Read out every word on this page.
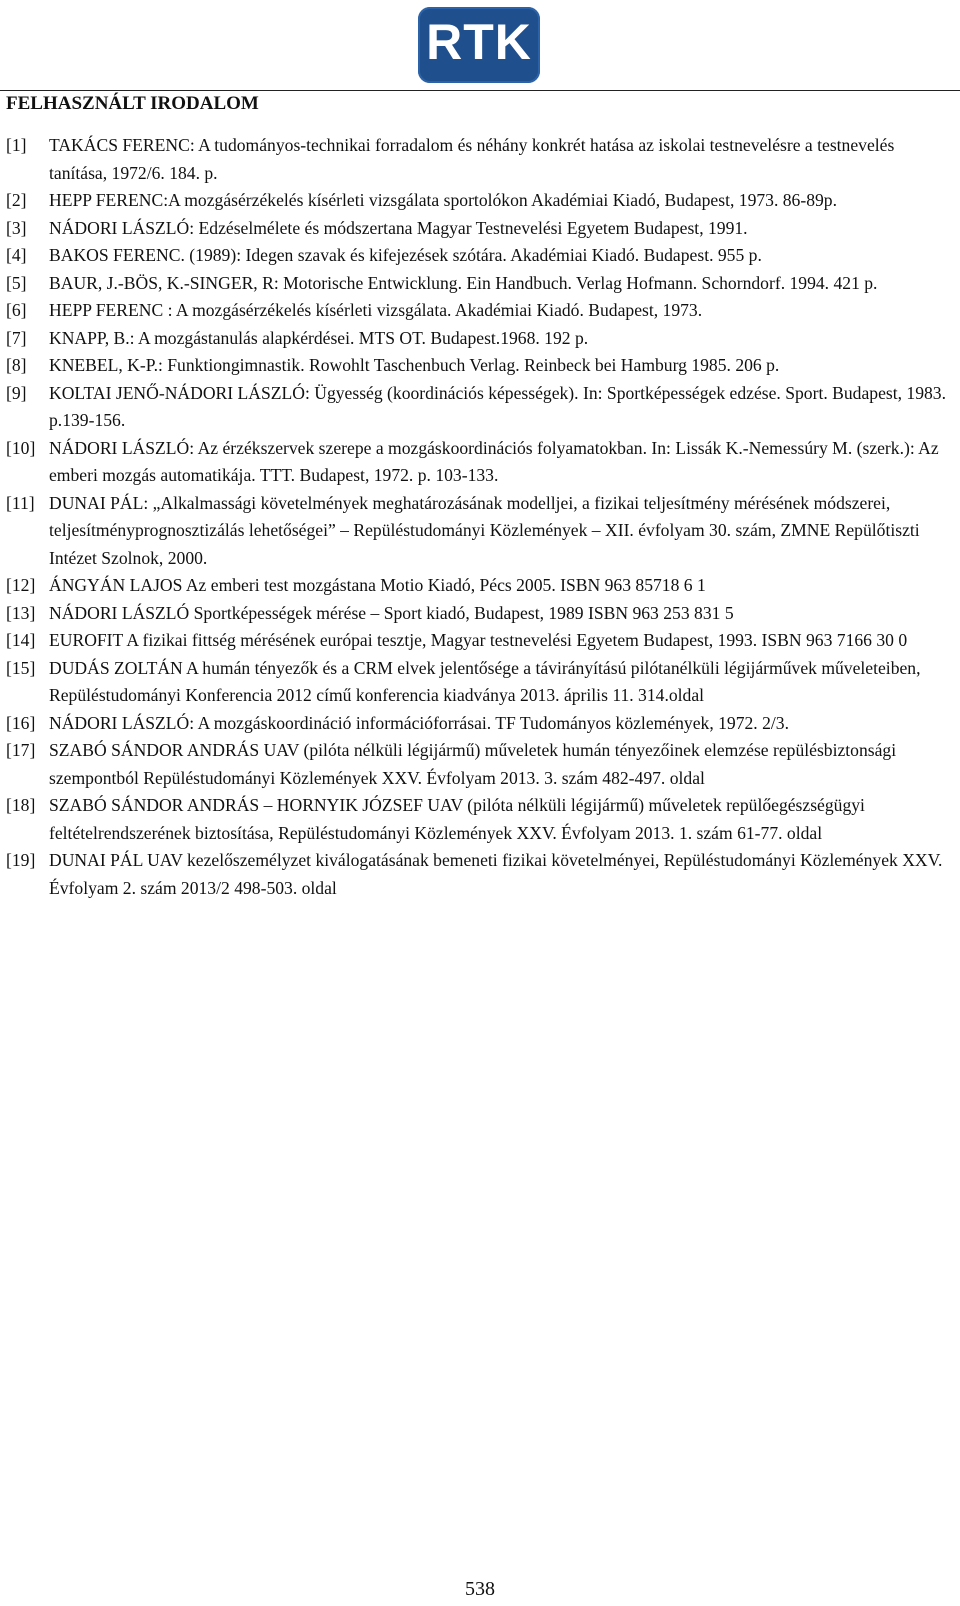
RTK
FELHASZNÁLT IRODALOM
[1] TAKÁCS FERENC: A tudományos-technikai forradalom és néhány konkrét hatása az iskolai testnevelésre a testnevelés tanítása, 1972/6. 184. p.
[2] HEPP FERENC:A mozgásérzékelés kísérleti vizsgálata sportolókon Akadémiai Kiadó, Budapest, 1973. 86-89p.
[3] NÁDORI LÁSZLÓ: Edzéselmélete és módszertana Magyar Testnevelési Egyetem Budapest, 1991.
[4] BAKOS FERENC. (1989): Idegen szavak és kifejezések szótára. Akadémiai Kiadó. Budapest. 955 p.
[5] BAUR, J.-BÖS, K.-SINGER, R: Motorische Entwicklung. Ein Handbuch. Verlag Hofmann. Schorndorf. 1994. 421 p.
[6] HEPP FERENC : A mozgásérzékelés kísérleti vizsgálata. Akadémiai Kiadó. Budapest, 1973.
[7] KNAPP, B.: A mozgástanulás alapkérdései. MTS OT. Budapest.1968. 192 p.
[8] KNEBEL, K-P.: Funktiongimnastik. Rowohlt Taschenbuch Verlag. Reinbeck bei Hamburg 1985. 206 p.
[9] KOLTAI JENŐ-NÁDORI LÁSZLÓ: Ügyesség (koordinációs képességek). In: Sportképességek edzése. Sport. Budapest, 1983. p.139-156.
[10] NÁDORI LÁSZLÓ: Az érzékszervek szerepe a mozgáskoordinációs folyamatokban. In: Lissák K.-Nemessúry M. (szerk.): Az emberi mozgás automatikája. TTT. Budapest, 1972. p. 103-133.
[11] DUNAI PÁL: „Alkalmassági követelmények meghatározásának modelljei, a fizikai teljesítmény mérésének módszerei, teljesítményprognosztizálás lehetőségei” – Repüléstudományi Közlemények – XII. évfolyam 30. szám, ZMNE Repülőtiszti Intézet Szolnok, 2000.
[12] ÁNGYÁN LAJOS Az emberi test mozgástana Motio Kiadó, Pécs 2005. ISBN 963 85718 6 1
[13] NÁDORI LÁSZLÓ Sportképességek mérése – Sport kiadó, Budapest, 1989 ISBN 963 253 831 5
[14] EUROFIT A fizikai fittség mérésének európai tesztje, Magyar testnevelési Egyetem Budapest, 1993. ISBN 963 7166 30 0
[15] DUDÁS ZOLTÁN A humán tényezők és a CRM elvek jelentősége a távirányítású pilótanélküli légijárművek műveleteiben, Repüléstudományi Konferencia 2012 című konferencia kiadványa 2013. április 11. 314.oldal
[16] NÁDORI LÁSZLÓ: A mozgáskoordináció információforrásai. TF Tudományos közlemények, 1972. 2/3.
[17] SZABÓ SÁNDOR ANDRÁS UAV (pilóta nélküli légijármű) műveletek humán tényezőinek elemzése repülésbiztonsági szempontból Repüléstudományi Közlemények XXV. Évfolyam 2013. 3. szám 482-497. oldal
[18] SZABÓ SÁNDOR ANDRÁS – HORNYIK JÓZSEF UAV (pilóta nélküli légijármű) műveletek repülőegészségügyi feltételrendszerének biztosítása, Repüléstudományi Közlemények XXV. Évfolyam 2013. 1. szám 61-77. oldal
[19] DUNAI PÁL UAV kezelőszemélyzet kiválogatásának bemeneti fizikai követelményei, Repüléstudományi Közlemények XXV. Évfolyam 2. szám 2013/2 498-503. oldal
538
